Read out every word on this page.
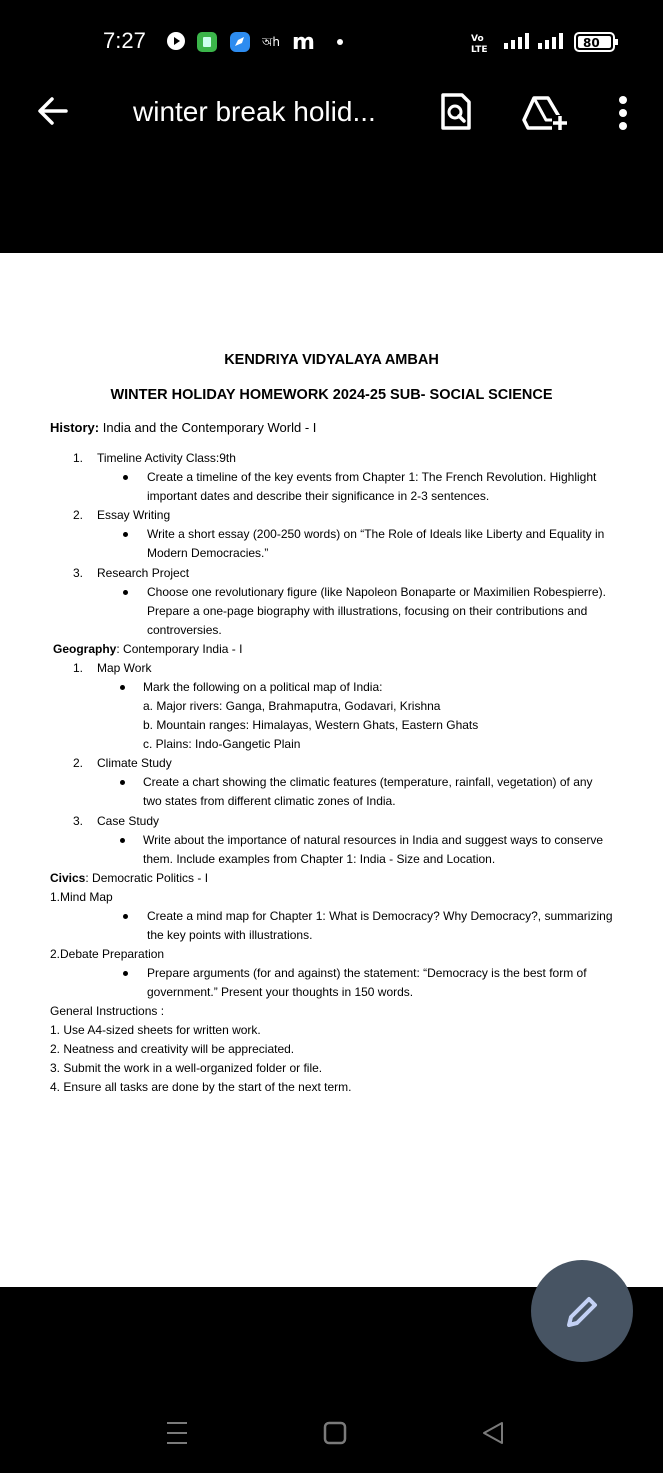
7:27	অh m	Vo
LTE	80
winter break holid...
KENDRIYA VIDYALAYA AMBAH
WINTER HOLIDAY HOMEWORK 2024-25 SUB- SOCIAL SCIENCE
History: India and the Contemporary World - I
1. Timeline Activity Class:9th
Create a timeline of the key events from Chapter 1: The French Revolution. Highlight
important dates and describe their significance in 2-3 sentences.
2. Essay Writing
Write a short essay (200-250 words) on “The Role of Ideals like Liberty and Equality in
Modern Democracies.”
3. Research Project
Choose one revolutionary figure (like Napoleon Bonaparte or Maximilien Robespierre).
Prepare a one-page biography with illustrations, focusing on their contributions and
controversies.
Geography: Contemporary India - I
1. Map Work
Mark the following on a political map of India:
a. Major rivers: Ganga, Brahmaputra, Godavari, Krishna
b. Mountain ranges: Himalayas, Western Ghats, Eastern Ghats
c. Plains: Indo-Gangetic Plain
2. Climate Study
Create a chart showing the climatic features (temperature, rainfall, vegetation) of any
two states from different climatic zones of India.
3. Case Study
Write about the importance of natural resources in India and suggest ways to conserve
them. Include examples from Chapter 1: India - Size and Location.
Civics: Democratic Politics - I
1.Mind Map
Create a mind map for Chapter 1: What is Democracy? Why Democracy?, summarizing
the key points with illustrations.
2.Debate Preparation
Prepare arguments (for and against) the statement: “Democracy is the best form of
government.” Present your thoughts in 150 words.
General Instructions :
1. Use A4-sized sheets for written work.
2. Neatness and creativity will be appreciated.
3. Submit the work in a well-organized folder or file.
4. Ensure all tasks are done by the start of the next term.
